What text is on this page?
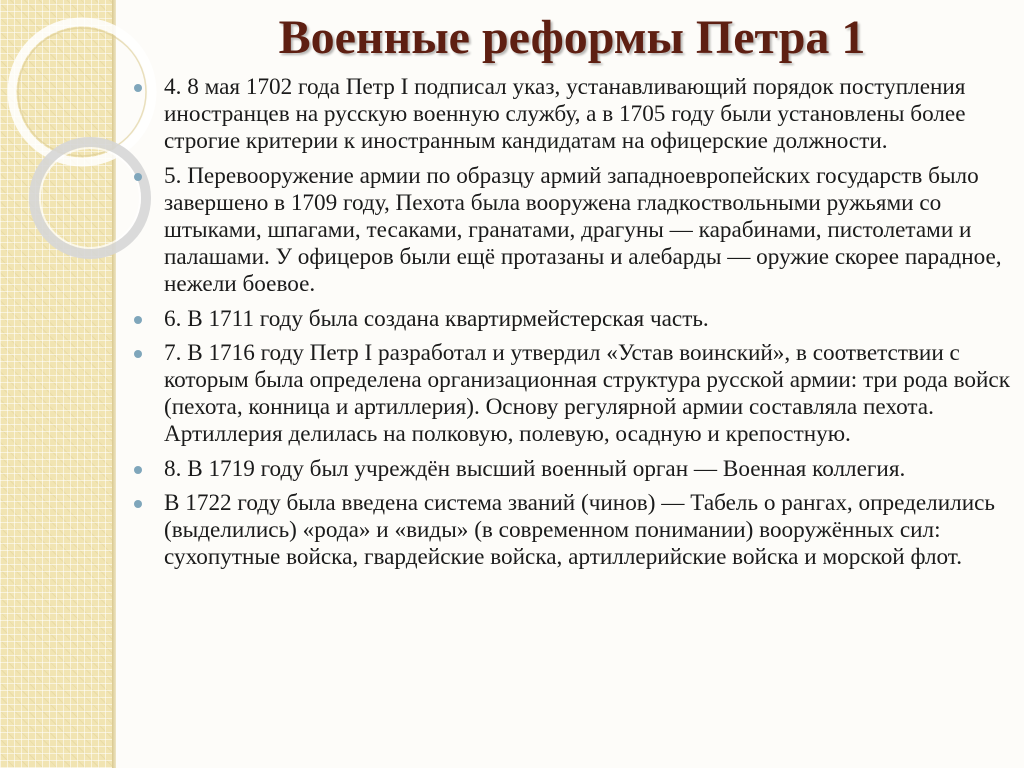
Военные реформы Петра 1
4. 8 мая 1702 года Петр I подписал указ, устанавливающий порядок поступления иностранцев на русскую военную службу, а в 1705 году были установлены более строгие критерии к иностранным кандидатам на офицерские должности.
5. Перевооружение армии по образцу армий западноевропейских государств было завершено в 1709 году, Пехота была вооружена гладкоствольными ружьями со штыками, шпагами, тесаками, гранатами, драгуны — карабинами, пистолетами и палашами. У офицеров были ещё протазаны и алебарды — оружие скорее парадное, нежели боевое.
6. В 1711 году была создана квартирмейстерская часть.
7. В 1716 году Петр I разработал и утвердил «Устав воинский», в соответствии с которым была определена организационная структура русской армии: три рода войск (пехота, конница и артиллерия). Основу регулярной армии составляла пехота. Артиллерия делилась на полковую, полевую, осадную и крепостную.
8. В 1719 году был учреждён высший военный орган — Военная коллегия.
В 1722 году была введена система званий (чинов) — Табель о рангах, определились (выделились) «рода» и «виды» (в современном понимании) вооружённых сил: сухопутные войска, гвардейские войска, артиллерийские войска и морской флот.
